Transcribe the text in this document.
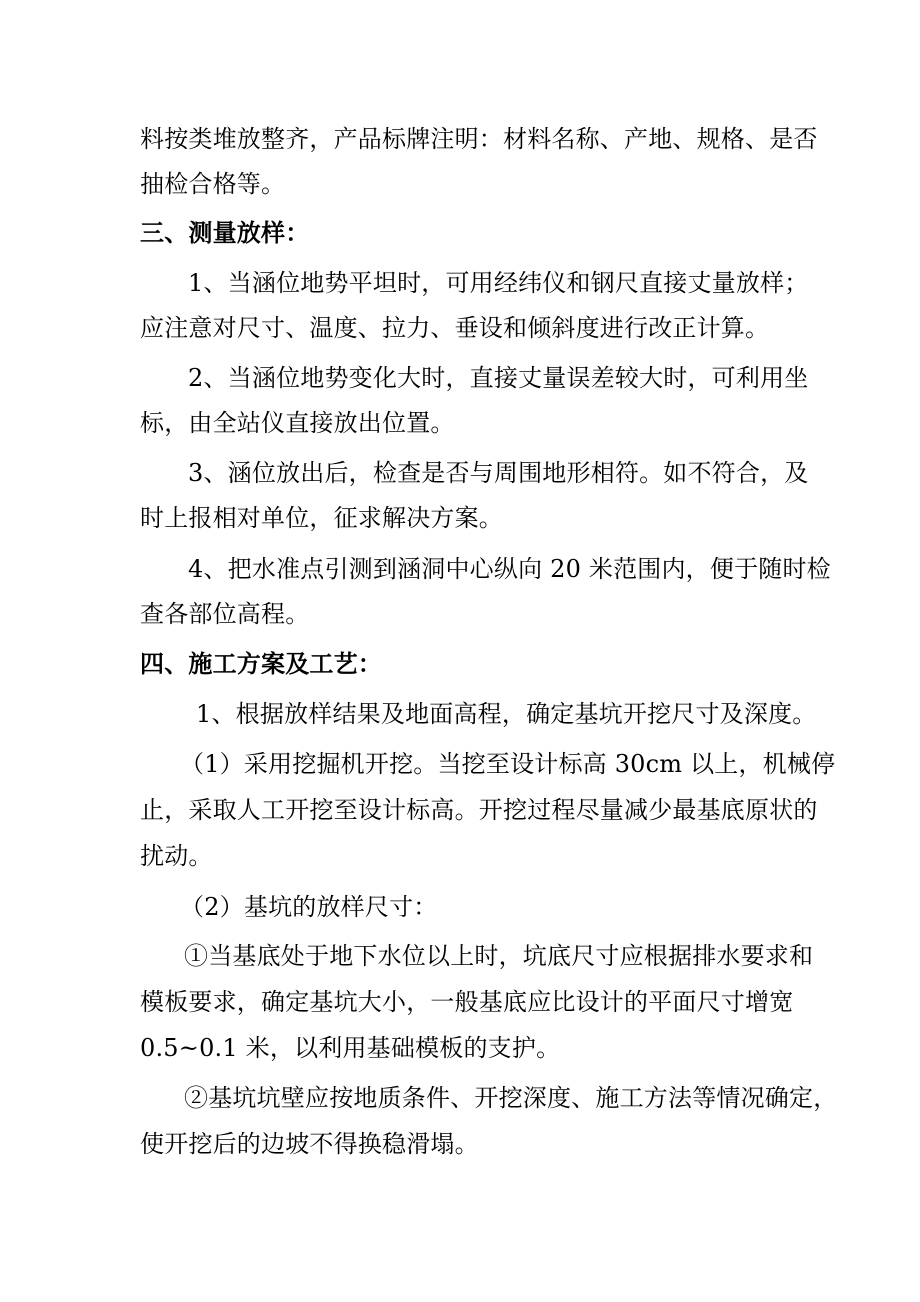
料按类堆放整齐，产品标牌注明：材料名称、产地、规格、是否
抽检合格等。
三、测量放样：
1、当涵位地势平坦时，可用经纬仪和钢尺直接丈量放样；
应注意对尺寸、温度、拉力、垂设和倾斜度进行改正计算。
2、当涵位地势变化大时，直接丈量误差较大时，可利用坐
标，由全站仪直接放出位置。
3、涵位放出后，检查是否与周围地形相符。如不符合，及
时上报相对单位，征求解决方案。
4、把水准点引测到涵洞中心纵向 20 米范围内，便于随时检
查各部位高程。
四、施工方案及工艺：
1、根据放样结果及地面高程，确定基坑开挖尺寸及深度。
（1）采用挖掘机开挖。当挖至设计标高 30cm 以上，机械停
止，采取人工开挖至设计标高。开挖过程尽量减少最基底原状的
扰动。
（2）基坑的放样尺寸：
①当基底处于地下水位以上时，坑底尺寸应根据排水要求和
模板要求，确定基坑大小，一般基底应比设计的平面尺寸增宽
0.5~0.1 米，以利用基础模板的支护。
②基坑坑壁应按地质条件、开挖深度、施工方法等情况确定，
使开挖后的边坡不得换稳滑塌。
